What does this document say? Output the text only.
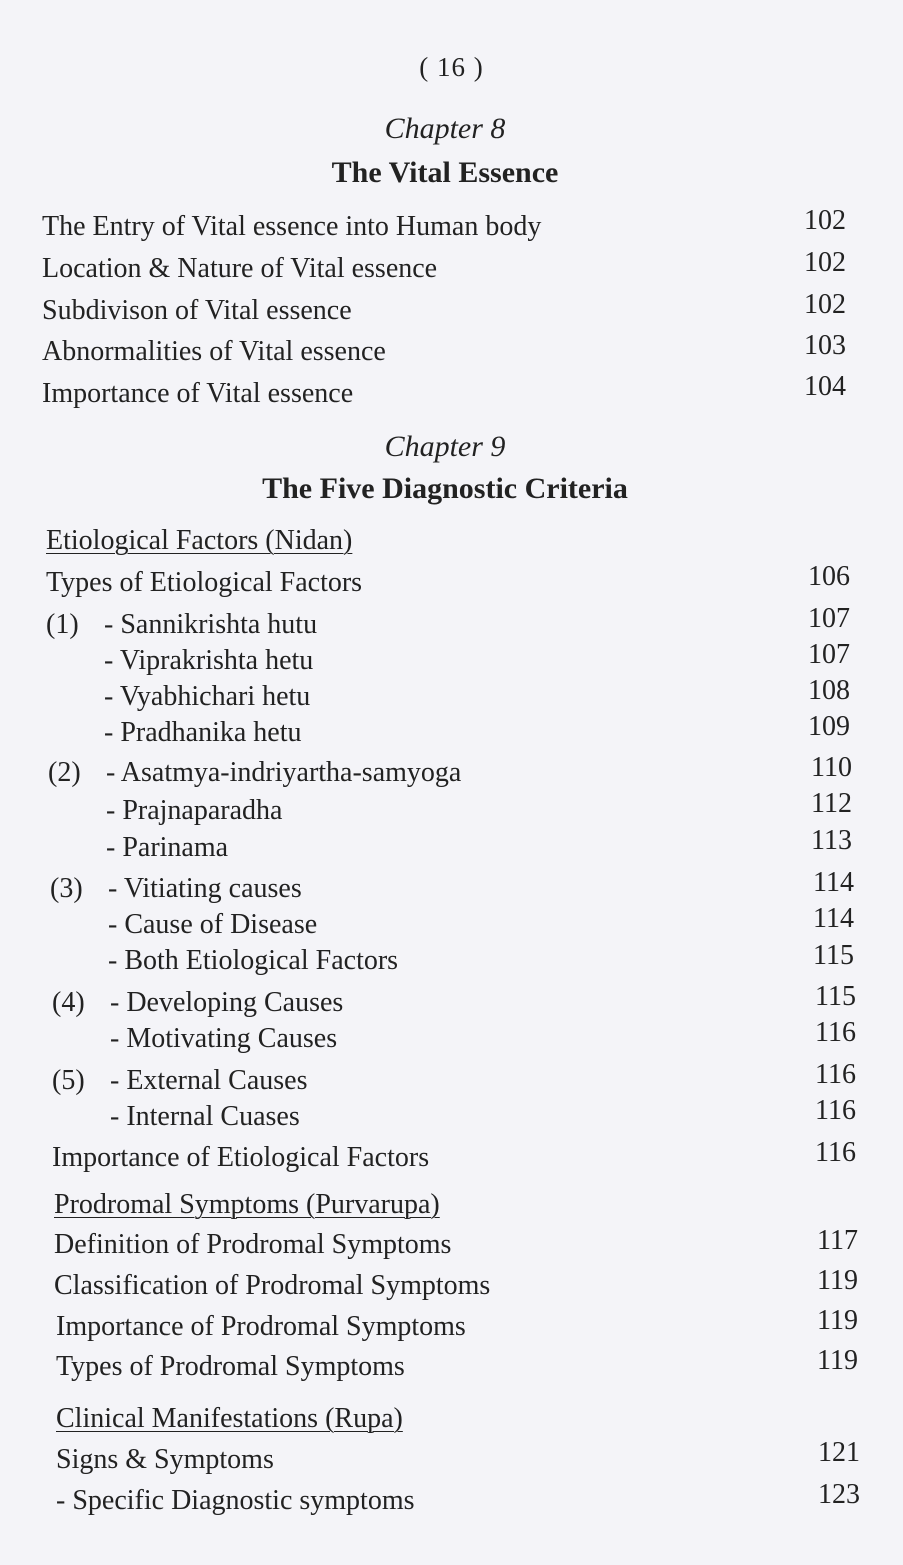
( 16 )
Chapter 8
The Vital Essence
The Entry of Vital essence into Human body	102
Location & Nature of Vital essence	102
Subdivison of Vital essence	102
Abnormalities of Vital essence	103
Importance of Vital essence	104
Chapter 9
The Five Diagnostic Criteria
Etiological Factors (Nidan)
Types of Etiological Factors	106
(1) - Sannikrishta hutu	107
- Viprakrishta hetu	107
- Vyabhichari hetu	108
- Pradhanika hetu	109
(2) - Asatmya-indriyartha-samyoga	110
- Prajnaparadha	112
- Parinama	113
(3) - Vitiating causes	114
- Cause of Disease	114
- Both Etiological Factors	115
(4) - Developing Causes	115
- Motivating Causes	116
(5) - External Causes	116
- Internal Cuases	116
Importance of Etiological Factors	116
Prodromal Symptoms (Purvarupa)
Definition of Prodromal Symptoms	117
Classification of Prodromal Symptoms	119
Importance of Prodromal Symptoms	119
Types of Prodromal Symptoms	119
Clinical Manifestations (Rupa)
Signs & Symptoms	121
- Specific Diagnostic symptoms	123
